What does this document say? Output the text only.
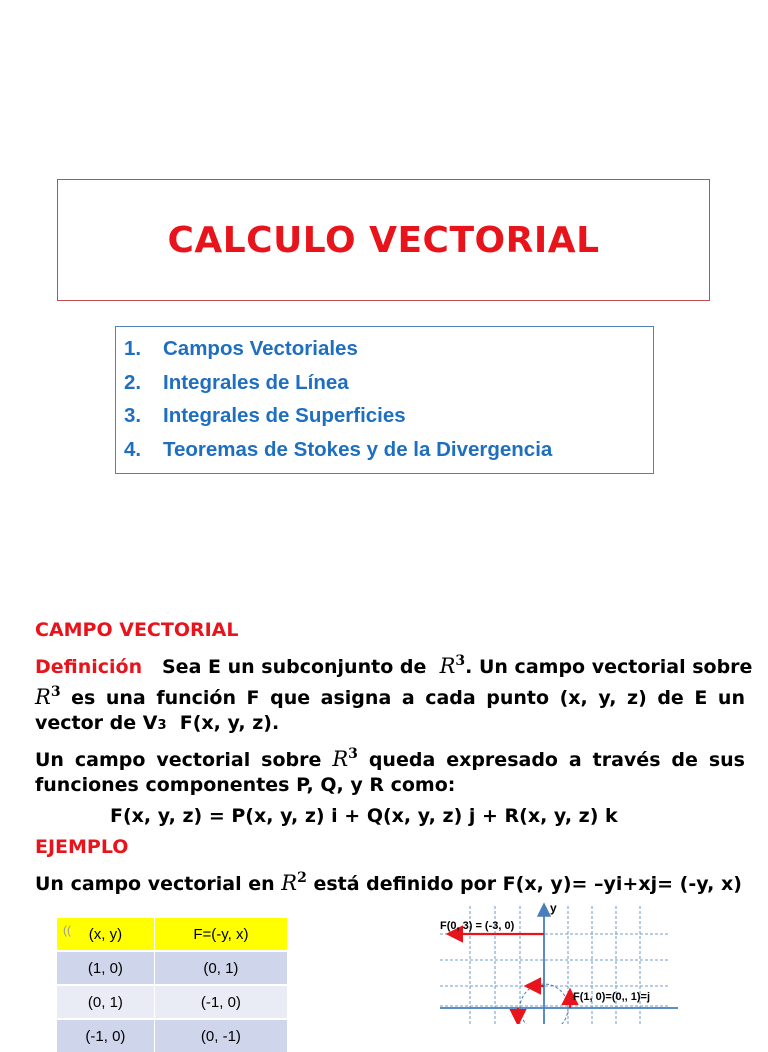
CALCULO VECTORIAL
1. Campos Vectoriales
2. Integrales de Línea
3. Integrales de Superficies
4. Teoremas de Stokes y de la Divergencia
CAMPO VECTORIAL
Definición Sea E un subconjunto de $R^3$. Un campo vectorial sobre
$R^3$ es una función F que asigna a cada punto (x, y, z) de E un
vector de V3 F(x, y, z).
Un campo vectorial sobre $R^3$ queda expresado a través de sus
funciones componentes P, Q, y R como:
F(x, y, z) = P(x, y, z) i + Q(x, y, z) j + R(x, y, z) k
EJEMPLO
Un campo vectorial en $R^2$ está definido por F(x, y)= –yi+xj= (-y, x)
(( (x, y)	F=(-y, x)
(1, 0)	(0, 1)
(0, 1)	(-1, 0)
(-1, 0)	(0, -1)
y
F(0, 3) = (-3, 0)
F(1, 0)=(0,, 1)=j
